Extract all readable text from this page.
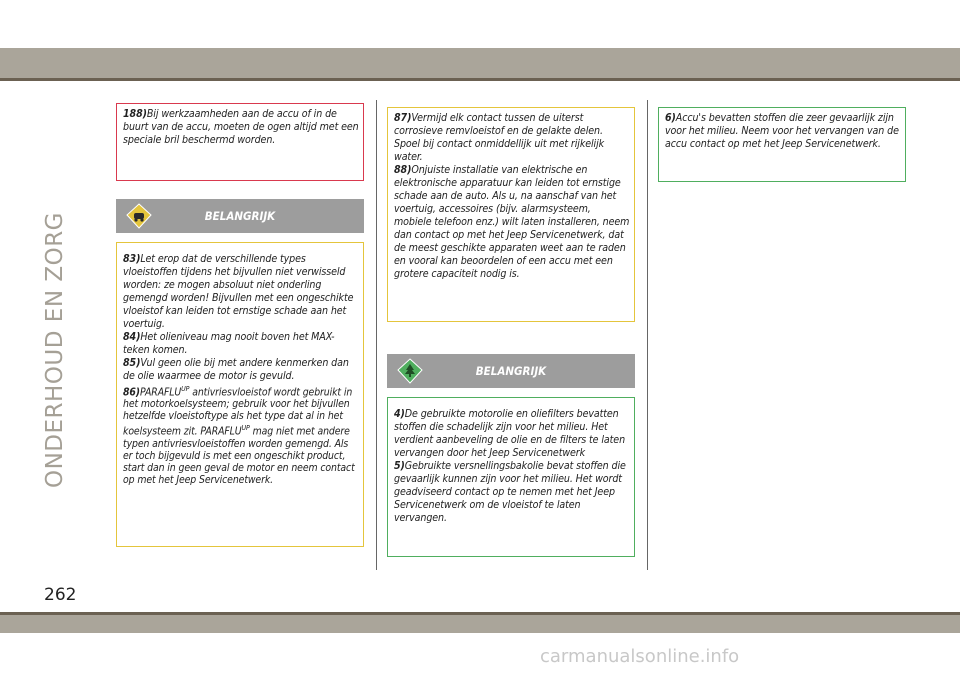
ONDERHOUD EN ZORG

188)Bij werkzaamheden aan de accu of in de buurt van de accu, moeten de ogen altijd met een speciale bril beschermd worden.

BELANGRIJK

83)Let erop dat de verschillende types vloeistoffen tijdens het bijvullen niet verwisseld worden: ze mogen absoluut niet onderling gemengd worden! Bijvullen met een ongeschikte vloeistof kan leiden tot ernstige schade aan het voertuig.

84)Het olieniveau mag nooit boven het MAX-teken komen.

85)Vul geen olie bij met andere kenmerken dan de olie waarmee de motor is gevuld.

$86)PARAFLU^{UP}$ antivriesvloeistof wordt gebruikt in het motorkoelsysteem; gebruik voor het bijvullen hetzelfde vloeistoftype als het type dat al in het koelsysteem zit. $PARAFLU^{UP}$ mag niet met andere typen antivriesvloeistoffen worden gemengd. Als er toch bijgevuld is met een ongeschikt product, start dan in geen geval de motor en neem contact op met het Jeep Servicenetwerk.

87)Vermijd elk contact tussen de uiterst corrosieve remvloeistof en de gelakte delen. Spoel bij contact onmiddellijk uit met rijkelijk water.

88)Onjuiste installatie van elektrische en elektronische apparatuur kan leiden tot ernstige schade aan de auto. Als u, na aanschaf van het voertuig, accessoires (bijv. alarmsysteem, mobiele telefoon enz.) wilt laten installeren, neem dan contact op met het Jeep Servicenetwerk, dat de meest geschikte apparaten weet aan te raden en vooral kan beoordelen of een accu met een grotere capaciteit nodig is.

BELANGRIJK

4)De gebruikte motorolie en oliefilters bevatten stoffen die schadelijk zijn voor het milieu. Het verdient aanbeveling de olie en de filters te laten vervangen door het Jeep Servicenetwerk

5)Gebruikte versnellingsbakolie bevat stoffen die gevaarlijk kunnen zijn voor het milieu. Het wordt geadviseerd contact op te nemen met het Jeep Servicenetwerk om de vloeistof te laten vervangen.

6)Accu's bevatten stoffen die zeer gevaarlijk zijn voor het milieu. Neem voor het vervangen van de accu contact op met het Jeep Servicenetwerk.

262
carmanualsonline.info
